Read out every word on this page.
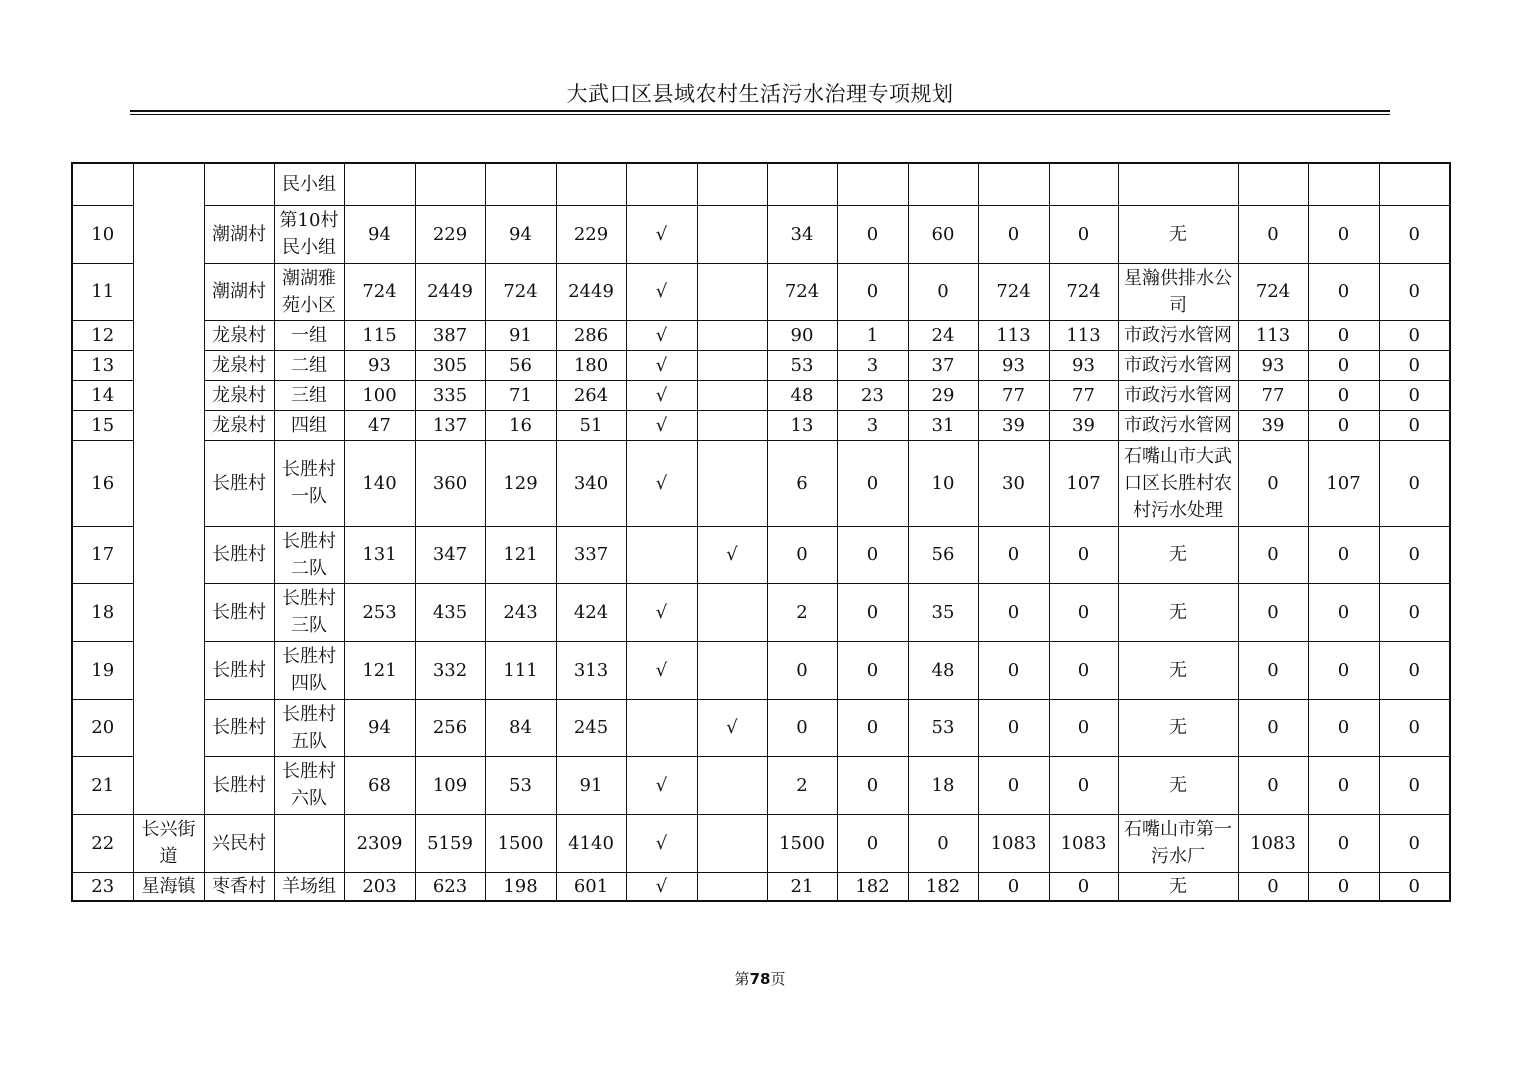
大武口区县域农村生活污水治理专项规划
			民小组															
10		潮湖村	第10村民小组	94	229	94	229	√		34	0	60	0	0	无	0	0	0
11		潮湖村	潮湖雅苑小区	724	2449	724	2449	√		724	0	0	724	724	星瀚供排水公司	724	0	0
12		龙泉村	一组	115	387	91	286	√		90	1	24	113	113	市政污水管网	113	0	0
13		龙泉村	二组	93	305	56	180	√		53	3	37	93	93	市政污水管网	93	0	0
14		龙泉村	三组	100	335	71	264	√		48	23	29	77	77	市政污水管网	77	0	0
15		龙泉村	四组	47	137	16	51	√		13	3	31	39	39	市政污水管网	39	0	0
16		长胜村	长胜村一队	140	360	129	340	√		6	0	10	30	107	石嘴山市大武口区长胜村农村污水处理	0	107	0
17		长胜村	长胜村二队	131	347	121	337		√	0	0	56	0	0	无	0	0	0
18		长胜村	长胜村三队	253	435	243	424	√		2	0	35	0	0	无	0	0	0
19		长胜村	长胜村四队	121	332	111	313	√		0	0	48	0	0	无	0	0	0
20		长胜村	长胜村五队	94	256	84	245		√	0	0	53	0	0	无	0	0	0
21		长胜村	长胜村六队	68	109	53	91	√		2	0	18	0	0	无	0	0	0
22	长兴街道	兴民村		2309	5159	1500	4140	√		1500	0	0	1083	1083	石嘴山市第一污水厂	1083	0	0
23	星海镇	枣香村	羊场组	203	623	198	601	√		21	182	182	0	0	无	0	0	0
第78页
